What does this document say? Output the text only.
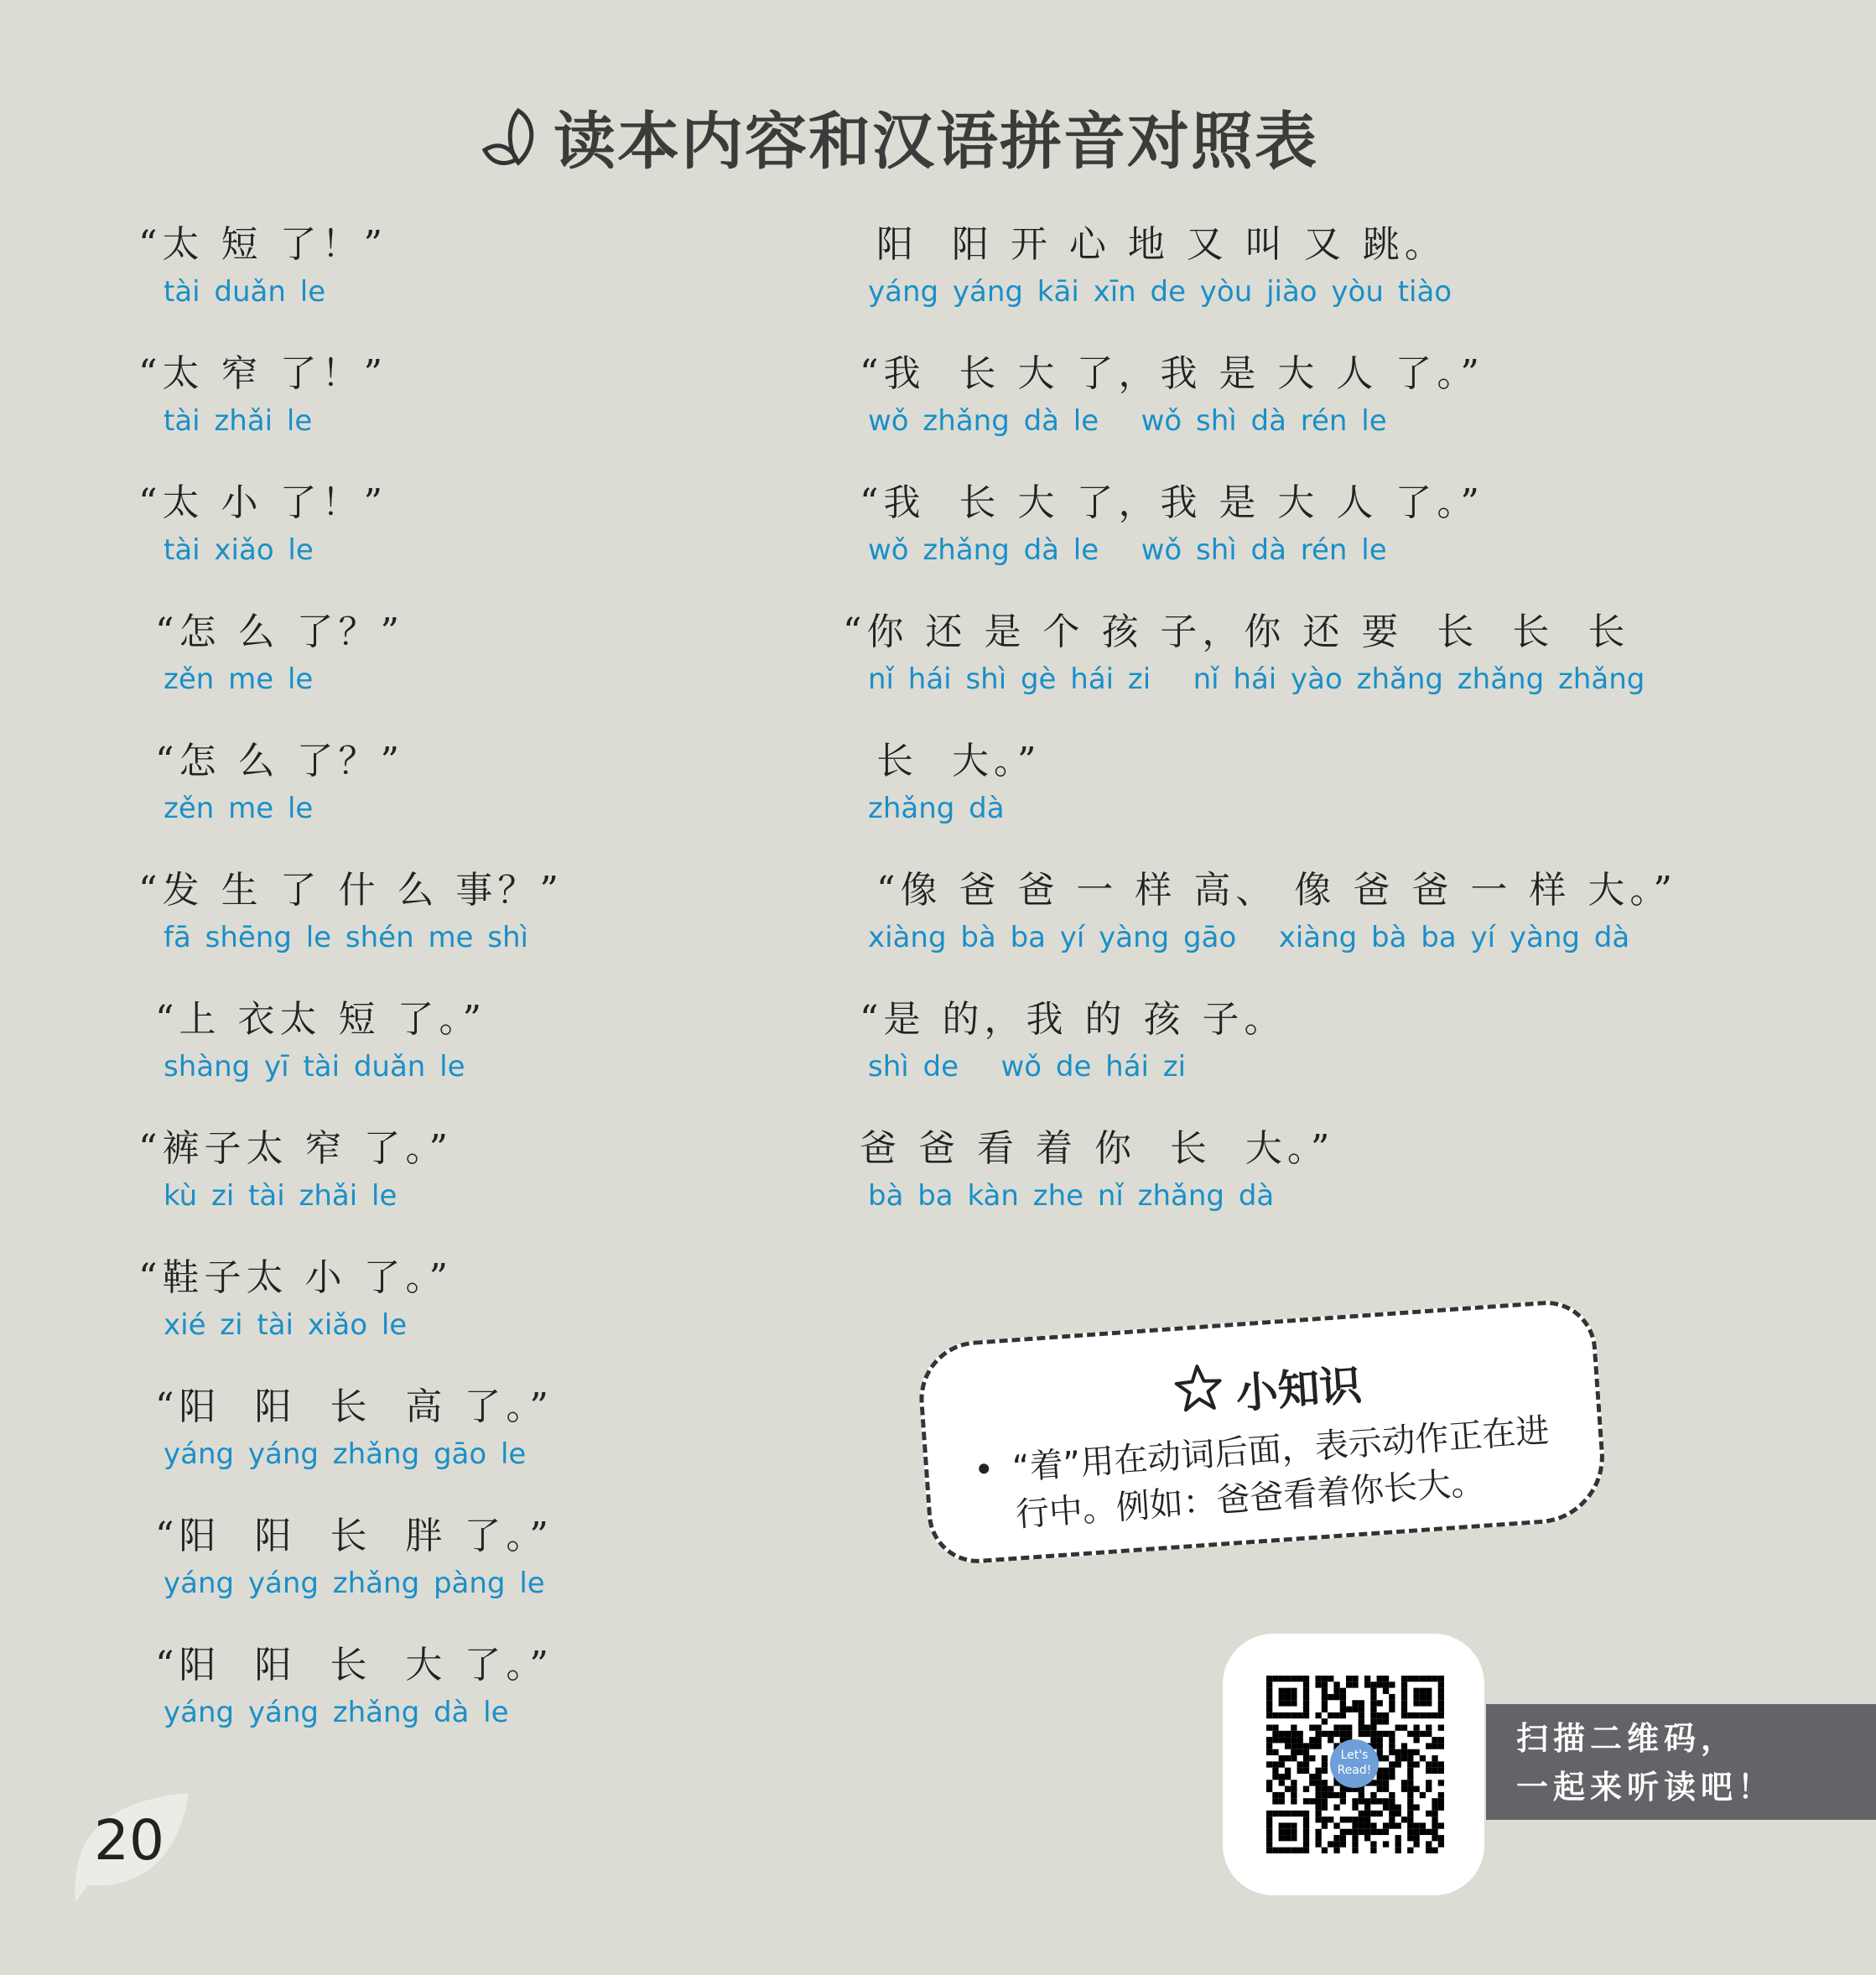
读本内容和汉语拼音对照表
“太 短 了！”
tài duǎn le
“太 窄 了！”
tài zhǎi le
“太 小 了！”
tài xiǎo le
“怎 么 了？”
zěn me le
“怎 么 了？”
zěn me le
“发 生 了 什 么 事？”
fā shēng le shén me shì
“上 衣太 短 了。”
shàng yī tài duǎn le
“裤子太 窄 了。”
kù zi tài zhǎi le
“鞋子太 小 了。”
xié zi tài xiǎo le
“阳  阳  长  高 了。”
yáng yáng zhǎng gāo le
“阳  阳  长  胖 了。”
yáng yáng zhǎng pàng le
“阳  阳  长  大 了。”
yáng yáng zhǎng dà le
阳  阳 开 心 地 又 叫 又 跳。
yáng yáng kāi xīn de yòu jiào yòu tiào
“我  长 大 了，我 是 大 人 了。”
wǒ zhǎng dà le   wǒ shì dà rén le
“我  长 大 了，我 是 大 人 了。”
wǒ zhǎng dà le   wǒ shì dà rén le
“你 还 是 个 孩 子，你 还 要  长  长  长
nǐ hái shì gè hái zi   nǐ hái yào zhǎng zhǎng zhǎng
长  大。”
zhǎng dà
“像 爸 爸 一 样 高、 像 爸 爸 一 样 大。”
xiàng bà ba yí yàng gāo   xiàng bà ba yí yàng dà
“是 的，我 的 孩 子。
shì de   wǒ de hái zi
爸 爸 看 着 你  长  大。”
bà ba kàn zhe nǐ zhǎng dà
小知识
“着”用在动词后面，表示动作正在进行中。例如：爸爸看着你长大。
Let's Read!
扫描二维码，
一起来听读吧！
20
